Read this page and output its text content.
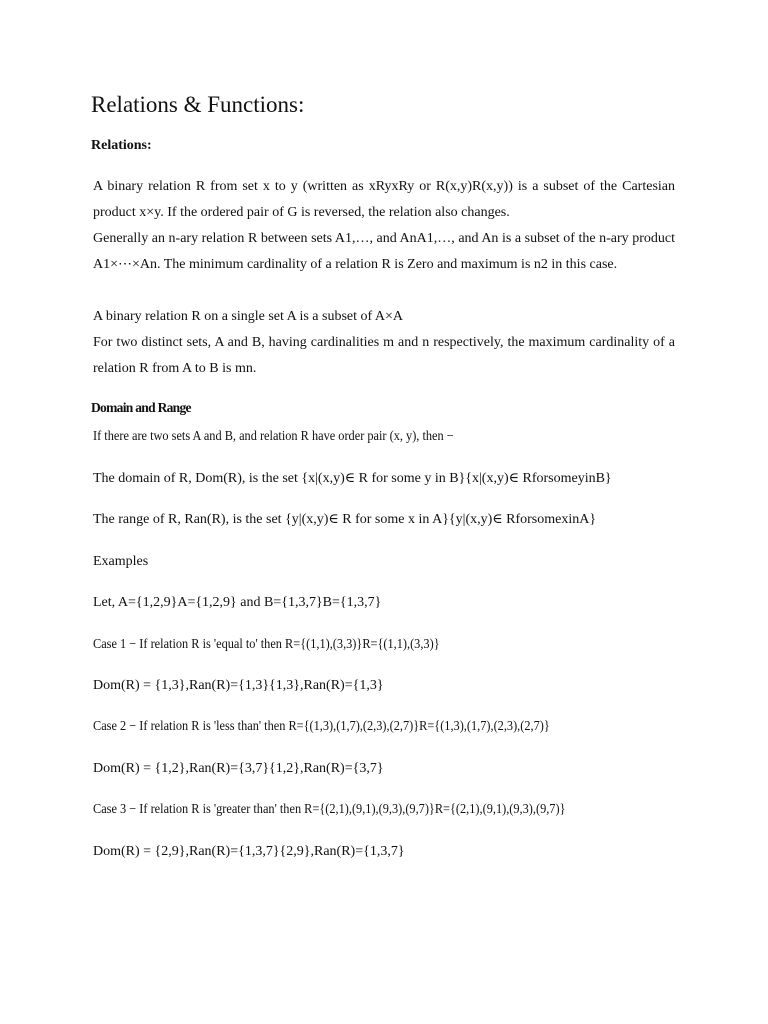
Relations & Functions:
Relations:

A binary relation R from set x to y (written as xRyxRy or R(x,y)R(x,y)) is a subset of the Cartesian product x×y. If the ordered pair of G is reversed, the relation also changes.

Generally an n-ary relation R between sets A1,…, and AnA1,…, and An is a subset of the n-ary product A1×⋯×An. The minimum cardinality of a relation R is Zero and maximum is n2 in this case.

A binary relation R on a single set A is a subset of A×A

For two distinct sets, A and B, having cardinalities m and n respectively, the maximum cardinality of a relation R from A to B is mn.

Domain and Range

If there are two sets A and B, and relation R have order pair (x, y), then −

The domain of R, Dom(R), is the set {x|(x,y)∈ R for some y in B}{x|(x,y)∈ RforsomeyinB}

The range of R, Ran(R), is the set {y|(x,y)∈ R for some x in A}{y|(x,y)∈ RforsomexinA}

Examples

Let, A={1,2,9}A={1,2,9} and B={1,3,7}B={1,3,7}

Case 1 − If relation R is 'equal to' then R={(1,1),(3,3)}R={(1,1),(3,3)}

Dom(R) = {1,3},Ran(R)={1,3}{1,3},Ran(R)={1,3}

Case 2 − If relation R is 'less than' then R={(1,3),(1,7),(2,3),(2,7)}R={(1,3),(1,7),(2,3),(2,7)}

Dom(R) = {1,2},Ran(R)={3,7}{1,2},Ran(R)={3,7}

Case 3 − If relation R is 'greater than' then R={(2,1),(9,1),(9,3),(9,7)}R={(2,1),(9,1),(9,3),(9,7)}

Dom(R) = {2,9},Ran(R)={1,3,7}{2,9},Ran(R)={1,3,7}
